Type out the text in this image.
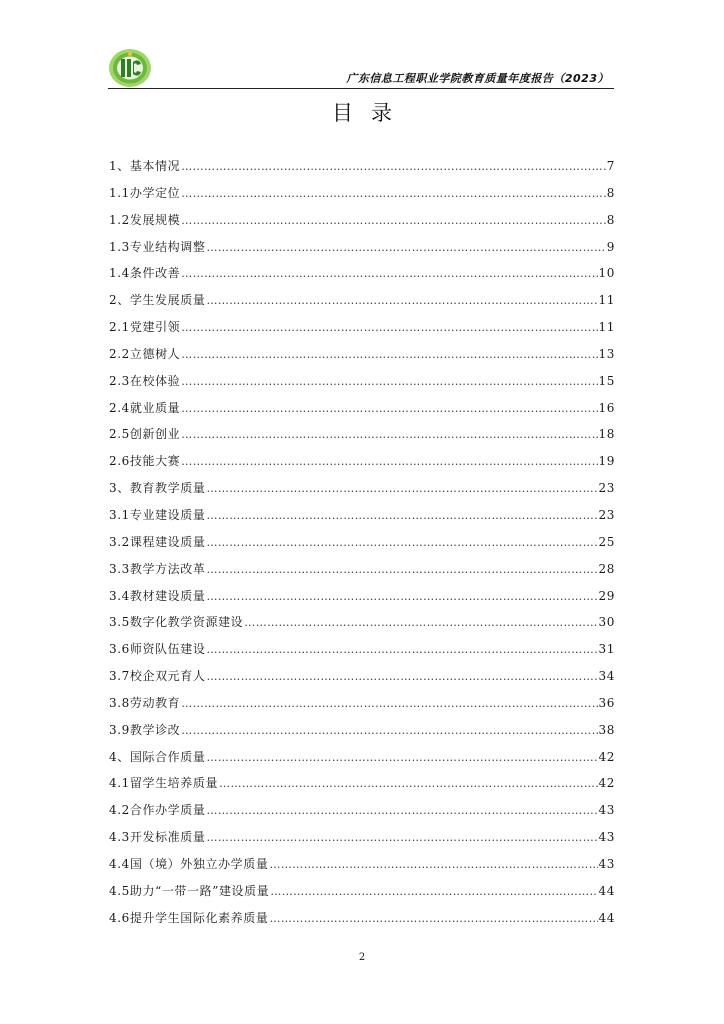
广东信息工程职业学院教育质量年度报告（2023）
目录
1、基本情况 …………………………………………………………………………………………………………………………………………………	7
1.1办学定位 …………………………………………………………………………………………………………………………………………………	8
1.2发展规模 …………………………………………………………………………………………………………………………………………………	8
1.3专业结构调整 …………………………………………………………………………………………………………………………………………………	9
1.4条件改善 …………………………………………………………………………………………………………………………………………………	10
2、学生发展质量 …………………………………………………………………………………………………………………………………………………	11
2.1党建引领 …………………………………………………………………………………………………………………………………………………	11
2.2立德树人 …………………………………………………………………………………………………………………………………………………	13
2.3在校体验 …………………………………………………………………………………………………………………………………………………	15
2.4就业质量 …………………………………………………………………………………………………………………………………………………	16
2.5创新创业 …………………………………………………………………………………………………………………………………………………	18
2.6技能大赛 …………………………………………………………………………………………………………………………………………………	19
3、教育教学质量 …………………………………………………………………………………………………………………………………………………	23
3.1专业建设质量 …………………………………………………………………………………………………………………………………………………	23
3.2课程建设质量 …………………………………………………………………………………………………………………………………………………	25
3.3教学方法改革 …………………………………………………………………………………………………………………………………………………	28
3.4教材建设质量 …………………………………………………………………………………………………………………………………………………	29
3.5数字化教学资源建设 …………………………………………………………………………………………………………………………………………………	30
3.6师资队伍建设 …………………………………………………………………………………………………………………………………………………	31
3.7校企双元育人 …………………………………………………………………………………………………………………………………………………	34
3.8劳动教育 …………………………………………………………………………………………………………………………………………………	36
3.9教学诊改 …………………………………………………………………………………………………………………………………………………	38
4、国际合作质量 …………………………………………………………………………………………………………………………………………………	42
4.1留学生培养质量 …………………………………………………………………………………………………………………………………………………	42
4.2合作办学质量 …………………………………………………………………………………………………………………………………………………	43
4.3开发标准质量 …………………………………………………………………………………………………………………………………………………	43
4.4国（境）外独立办学质量 …………………………………………………………………………………………………………………………………………………	43
4.5助力“一带一路”建设质量 …………………………………………………………………………………………………………………………………………………	44
4.6提升学生国际化素养质量 …………………………………………………………………………………………………………………………………………………	44
2
